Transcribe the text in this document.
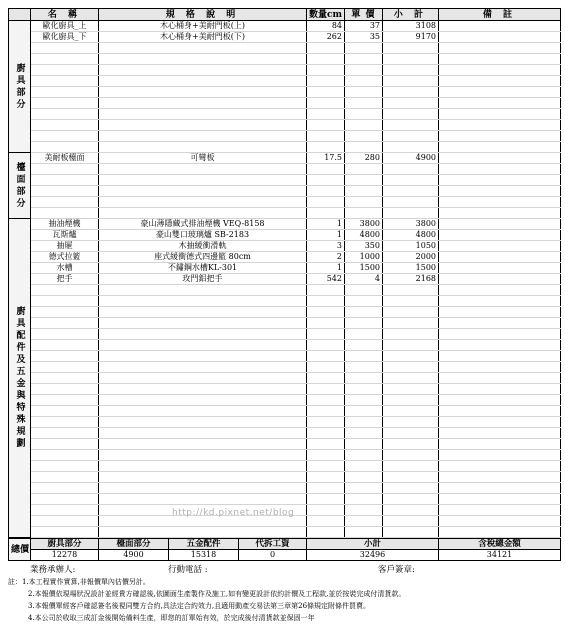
	名 稱	規 格 說 明	數量cm	單 價	小 計	備 註
廚具部分	歐化廚具_上	木心桶身+美耐門板(上)	84	37	3108	
	歐化廚具_下	木心桶身+美耐門板(下)	262	35	9170	

檯面部分	美耐板檯面	可彎板	17.5	280	4900	

廚具配件及五金與特殊規劃	抽油煙機	豪山薄隱藏式排油煙機 VEQ-8158	1	3800	3800	
	瓦斯爐	豪山雙口玻璃爐 SB-2183	1	4800	4800	
	抽屜	木抽緩衝滑軌	3	350	1050	
	德式拉籃	座式緩衝德式四邊籃 80cm	2	1000	2000	
	水槽	不鏽鋼水槽KL-301	1	1500	1500	
	把手	玫門鋁把手	542	4	2168	

總價	廚具部分	檯面部分	五金配件	代拆工資	小計	含稅總金額
	12278	4900	15318	0	32496	34121
業務承辦人:	行動電話 :	客戶簽章:
註：1.本工程實作實算,非報價單內估價另計。
2.本報價依現場狀況設計並經貴方確認後,依圖面生產製作及施工,如有變更設計依約計價及工程款,並於按裝完成付清貨款。
3.本報價單經客戶確認簽名後視同雙方合約,具法定合約效力,且適用動產交易法第三章第26條規定附條件買賣。
4.本公司於收取三成訂金後開始備料生產，即您的訂單始有效，於完成後付清貨款並保固一年
http://kd.pixnet.net/blog
